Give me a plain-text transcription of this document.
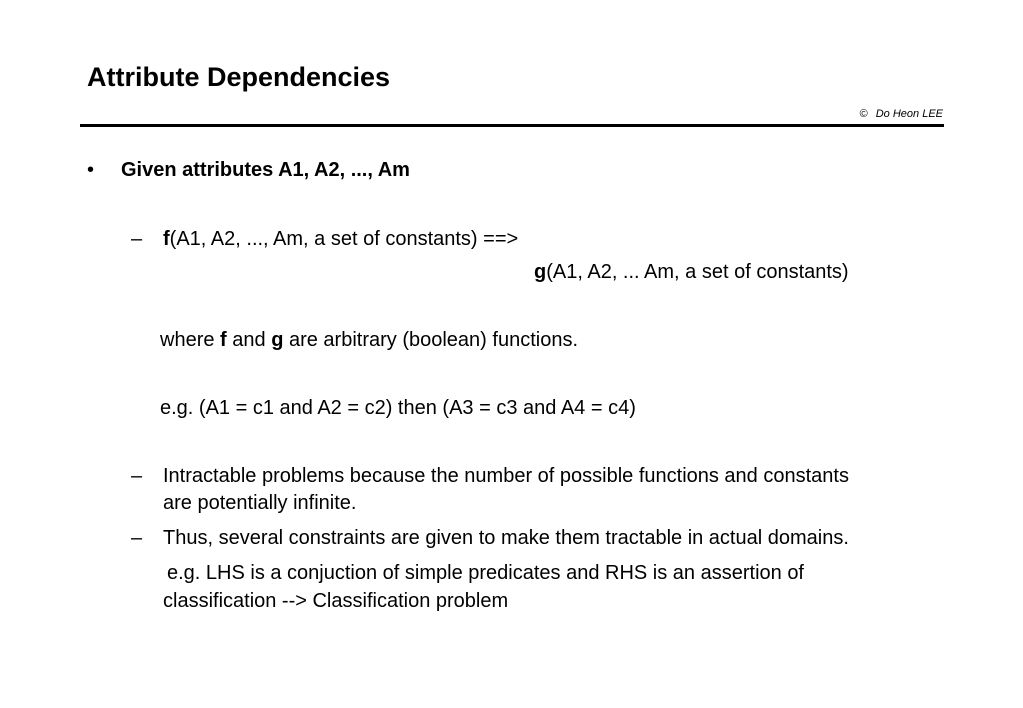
Attribute Dependencies
© Do Heon LEE
• Given attributes A1, A2, ..., Am
– f(A1, A2, ..., Am, a set of constants) ==>
g(A1, A2, ... Am, a set of constants)
where f and g are arbitrary (boolean) functions.
e.g. (A1 = c1 and A2 = c2) then (A3 = c3 and A4 = c4)
– Intractable problems because the number of possible functions and constants
are potentially infinite.
– Thus, several constraints are given to make them tractable in actual domains.
e.g. LHS is a conjuction of simple predicates and RHS is an assertion of
classification --> Classification problem
